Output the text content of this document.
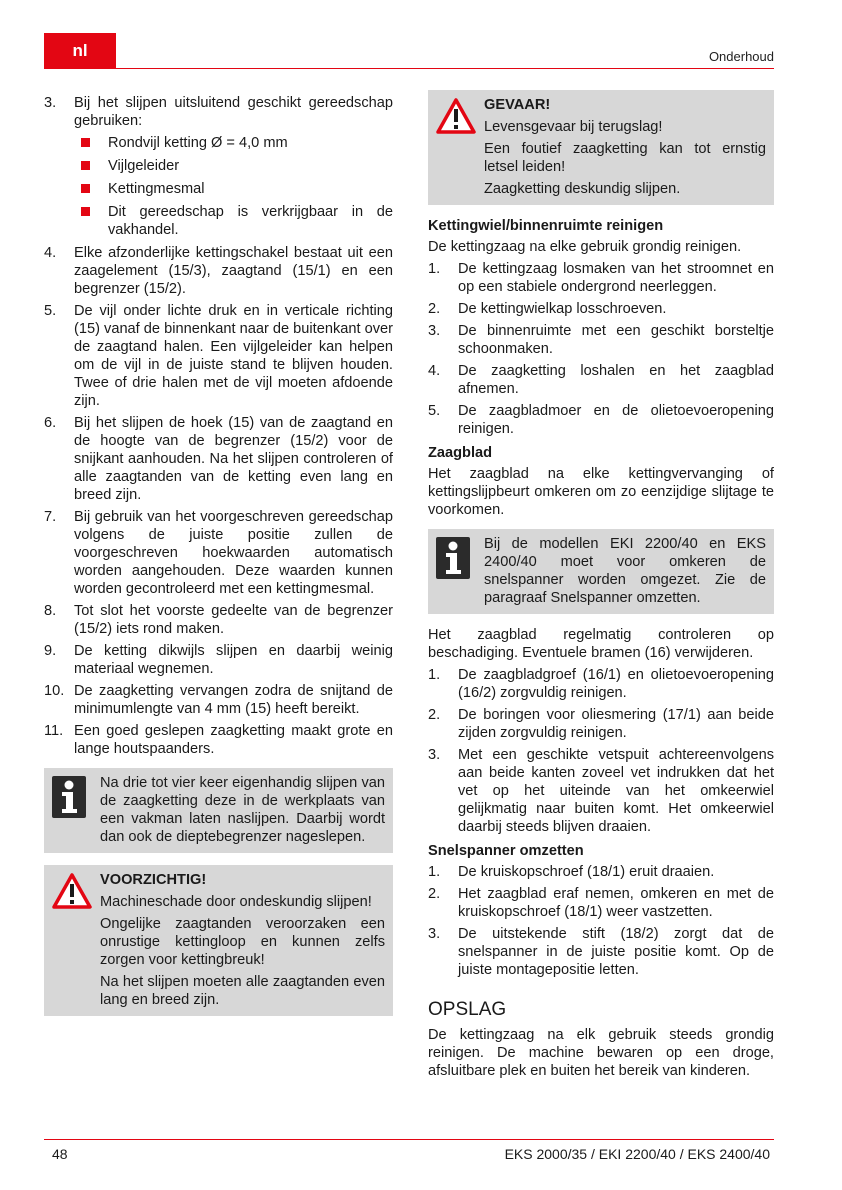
nl	Onderhoud
3.	Bij het slijpen uitsluitend geschikt gereedschap gebruiken:
Rondvijl ketting Ø = 4,0 mm
Vijlgeleider
Kettingmesmal
Dit gereedschap is verkrijgbaar in de vakhandel.
4.	Elke afzonderlijke kettingschakel bestaat uit een zaagelement (15/3), zaagtand (15/1) en een begrenzer (15/2).
5.	De vijl onder lichte druk en in verticale richting (15) vanaf de binnenkant naar de buitenkant over de zaagtand halen. Een vijlgeleider kan helpen om de vijl in de juiste stand te blijven houden. Twee of drie halen met de vijl moeten afdoende zijn.
6.	Bij het slijpen de hoek (15) van de zaagtand en de hoogte van de begrenzer (15/2) voor de snijkant aanhouden. Na het slijpen controleren of alle zaagtanden van de ketting even lang en breed zijn.
7.	Bij gebruik van het voorgeschreven gereedschap volgens de juiste positie zullen de voorgeschreven hoekwaarden automatisch worden aangehouden. Deze waarden kunnen worden gecontroleerd met een kettingmesmal.
8.	Tot slot het voorste gedeelte van de begrenzer (15/2) iets rond maken.
9.	De ketting dikwijls slijpen en daarbij weinig materiaal wegnemen.
10. De zaagketting vervangen zodra de snijtand de minimumlengte van 4 mm (15) heeft bereikt.
11. Een goed geslepen zaagketting maakt grote en lange houtspaanders.

Na drie tot vier keer eigenhandig slijpen van de zaagketting deze in de werkplaats van een vakman laten naslijpen. Daarbij wordt dan ook de dieptebegrenzer nageslepen.

VOORZICHTIG!

Machineschade door ondeskundig slijpen!

Ongelijke zaagtanden veroorzaken een onrustige kettingloop en kunnen zelfs zorgen voor kettingbreuk!

Na het slijpen moeten alle zaagtanden even lang en breed zijn.

GEVAAR!

Levensgevaar bij terugslag!

Een foutief zaagketting kan tot ernstig letsel leiden!

Zaagketting deskundig slijpen.

Kettingwiel/binnenruimte reinigen

De kettingzaag na elke gebruik grondig reinigen.

1.	De kettingzaag losmaken van het stroomnet en op een stabiele ondergrond neerleggen.
2.	De kettingwielkap losschroeven.
3.	De binnenruimte met een geschikt borsteltje schoonmaken.
4.	De zaagketting loshalen en het zaagblad afnemen.
5.	De zaagbladmoer en de olietoevoeropening reinigen.
Zaagblad

Het zaagblad na elke kettingvervanging of kettingslijpbeurt omkeren om zo eenzijdige slijtage te voorkomen.

Bij de modellen EKI 2200/40 en EKS 2400/40 moet voor omkeren de snelspanner worden omgezet. Zie de paragraaf Snelspanner omzetten.

Het zaagblad regelmatig controleren op beschadiging. Eventuele bramen (16) verwijderen.

1.	De zaagbladgroef (16/1) en olietoevoeropening (16/2) zorgvuldig reinigen.
2.	De boringen voor oliesmering (17/1) aan beide zijden zorgvuldig reinigen.
3.	Met een geschikte vetspuit achtereenvolgens aan beide kanten zoveel vet indrukken dat het vet op het uiteinde van het omkeerwiel gelijkmatig naar buiten komt. Het omkeerwiel daarbij steeds blijven draaien.
Snelspanner omzetten
1.	De kruiskopschroef (18/1) eruit draaien.
2.	Het zaagblad eraf nemen, omkeren en met de kruiskopschroef (18/1) weer vastzetten.
3.	De uitstekende stift (18/2) zorgt dat de snelspanner in de juiste positie komt. Op de juiste montagepositie letten.
OPSLAG

De kettingzaag na elk gebruik steeds grondig reinigen. De machine bewaren op een droge, afsluitbare plek en buiten het bereik van kinderen.

48	EKS 2000/35 / EKI 2200/40 / EKS 2400/40
